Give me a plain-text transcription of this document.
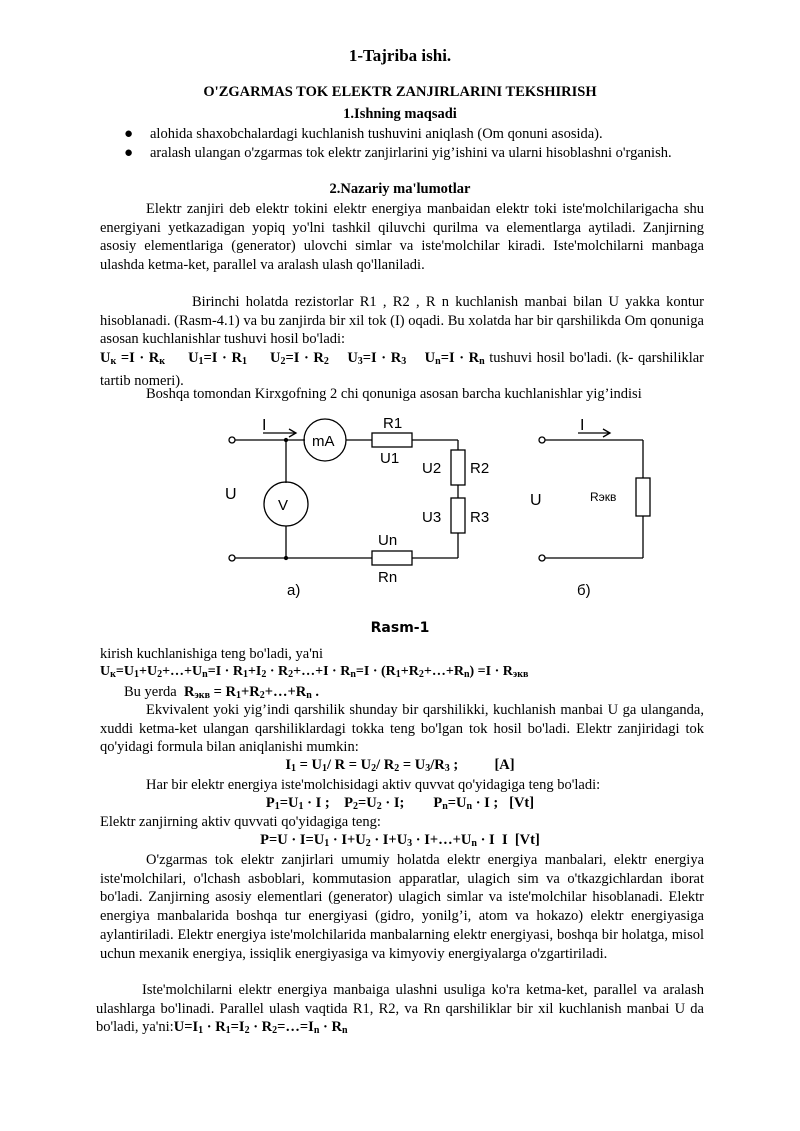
1-Tajriba ishi.
O'ZGARMAS TOK ELEKTR ZANJIRLARINI TEKSHIRISH
1.Ishning maqsadi
● alohida shaxobchalardagi kuchlanish tushuvini aniqlash (Om qonuni asosida).
● aralash ulangan o'zgarmas tok elektr zanjirlarini yig’ishini va ularni hisoblashni o'rganish.
2.Nazariy ma'lumotlar
Elektr zanjiri deb elektr tokini elektr energiya manbaidan elektr toki iste'molchilarigacha shu energiyani yetkazadigan yopiq yo'lni tashkil qiluvchi qurilma va elementlarga aytiladi. Zanjirning asosiy elementlariga (generator) ulovchi simlar va iste'molchilar kiradi. Iste'molchilarni manbaga ulashda ketma-ket, parallel va aralash ulash qo'llaniladi.
Birinchi holatda rezistorlar R1 , R2 , R n kuchlanish manbai bilan U yakka kontur hisoblanadi. (Rasm-4.1) va bu zanjirda bir xil tok (I) oqadi. Bu xolatda har bir qarshilikda Om qonuniga asosan kuchlanishlar tushuvi hosil bo'ladi:
$U_к =I \cdot R_к$ $U_1=I \cdot R_1$ $U_2=I \cdot R_2$ $U_3=I \cdot R_3$ $U_n=I \cdot R_n$ tushuvi hosil bo'ladi. (k- qarshiliklar tartib nomeri).
Boshqa tomondan Kirxgofning 2 chi qonuniga asosan barcha kuchlanishlar yig’indisi
I
mA
R1
U1
U2 R2
U3 R3
Un
Rn
U
V
a)
I
U	Rэкв
б)
Rasm-1
kirish kuchlanishiga teng bo'ladi, ya'ni
$U_к=U_1+U_2+\dots+U_n=I \cdot R_1+I_2$ · $R_2+\dots+I \cdot R_n=I$ · $(R_1+R_2+\dots+R_n) =I \cdot R_{экв}$
Bu yerda $R_{экв}$ = $R_1+R_2+\dots+R_n$ .
Ekvivalent yoki yig’indi qarshilik shunday bir qarshilikki, kuchlanish manbai U ga ulanganda, xuddi ketma-ket ulangan qarshiliklardagi tokka teng bo'lgan tok hosil bo'ladi. Elektr zanjiridagi tok qo'yidagi formula bilan aniqlanishi mumkin:
$I_1 = U_1/$ $R = U_2/$ $R_2 = U_3/R_3$ ;          [A]
Har bir elektr energiya iste'molchisidagi aktiv quvvat qo'yidagiga teng bo'ladi:
$P_1=U_1 \cdot I$ ;    $P_2=U_2 \cdot I$;        $P_n=U_n \cdot I$ ;   [Vt]
Elektr zanjirning aktiv quvvati qo'yidagiga teng:
$P=U \cdot I=U_1 \cdot I+U_2 \cdot I+U_3$ · $I+\dots+U_n \cdot I$  I  [Vt]
O'zgarmas tok elektr zanjirlari umumiy holatda elektr energiya manbalari, elektr energiya iste'molchilari, o'lchash asboblari, kommutasion apparatlar, ulagich sim va o'tkazgichlardan iborat bo'ladi. Zanjirning asosiy elementlari (generator) ulagich simlar va iste'molchilar hisoblanadi. Elektr energiya manbalarida boshqa tur energiyasi (gidro, yonilg’i, atom va hokazo) elektr energiyasiga aylantiriladi. Elektr energiya iste'molchilarida manbalarning elektr energiyasi, boshqa bir holatga, misol uchun mexanik energiya, issiqlik energiyasiga va kimyoviy energiyalarga o'zgartiriladi.
Iste'molchilarni elektr energiya manbaiga ulashni usuliga ko'ra ketma-ket, parallel va aralash ulashlarga bo'linadi. Parallel ulash vaqtida R1, R2, va Rn qarshiliklar bir xil kuchlanish manbai U da bo'ladi, $ya'ni:U=I_1 \cdot R_1=I_2$ · $R_2=\dots=I_n \cdot R_n$
